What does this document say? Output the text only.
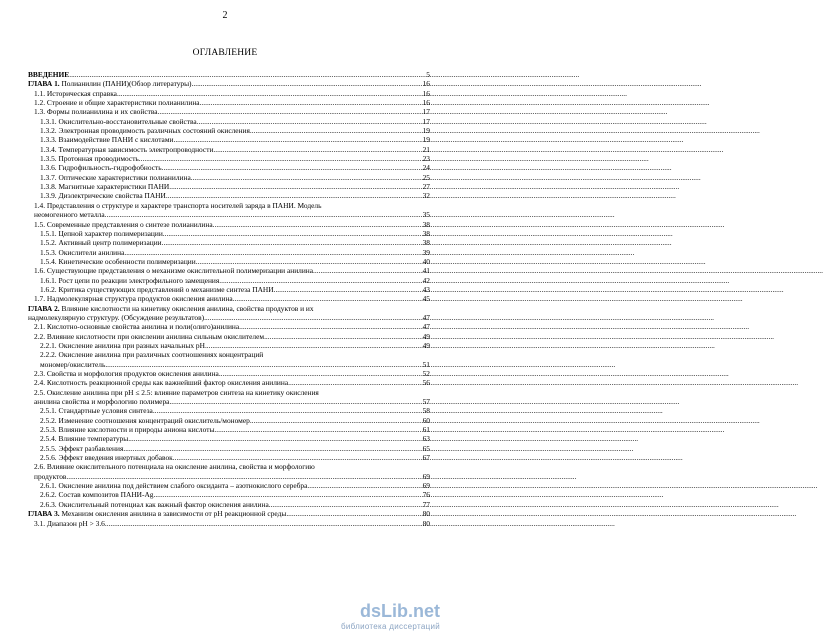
2
ОГЛАВЛЕНИЕ
ВВЕДЕНИЕ .....	5
ГЛАВА 1. Полианилин (ПАНИ)(Обзор литературы) .....	16
1.1. Историческая справка .....	16
1.2. Строение и общие характеристики полианилина .....	16
1.3. Формы полианилина и их свойства .....	17
1.3.1. Окислительно-восстановительные свойства .....	17
1.3.2. Электронная проводимость различных состояний окисления .....	19
1.3.3. Взаимодействие ПАНИ с кислотами .....	19
1.3.4. Температурная зависимость электропроводности .....	21
1.3.5. Протонная проводимость .....	23
1.3.6. Гидрофильность-гидрофобность .....	24
1.3.7. Оптические характеристики полианилина .....	25
1.3.8. Магнитные характеристики ПАНИ .....	27
1.3.9. Диэлектрические свойства ПАНИ .....	32
1.4. Представления о структуре и характере транспорта носителей заряда в ПАНИ. Модель
неомогенного металла .....	35
1.5. Современные представления о синтезе полианилина. .....	38
1.5.1. Цепной характер полимеризации .....	38
1.5.2. Активный центр полимеризации .....	38
1.5.3. Окислители анилина .....	39
1.5.4. Кинетические особенности полимеризации .....	40
1.6. Существующие представления о механизме окислительной полимеризации анилина .....	41
1.6.1. Рост цепи по реакции электрофильного замещения .....	42
1.6.2. Критика существующих представлений о механизме синтеза ПАНИ .....	43
1.7. Надмолекулярная структура продуктов окисления анилина .....	45
ГЛАВА 2. Влияние кислотности на кинетику окисления анилина, свойства продуктов и их
надмолекулярную структуру. (Обсуждение результатов) .....	47
2.1. Кислотно-основные свойства анилина и поли(олиго)анилина .....	47
2.2. Влияние кислотности при окислении анилина сильным окислителем .....	49
2.2.1. Окисление анилина при разных начальных pH .....	49
2.2.2. Окисление анилина при различных соотношениях концентраций
мономер/окислитель .....	51
2.3. Свойства и морфология продуктов окисления анилина .....	52
2.4. Кислотность реакционной среды как важнейший фактор окисления анилина .....	56
2.5. Окисление анилина при pH ≤ 2.5: влияние параметров синтеза на кинетику окисления
анилина свойства и морфологию полимера .....	57
2.5.1. Стандартные условия синтеза .....	58
2.5.2. Изменение соотношения концентраций окислитель/мономер .....	60
2.5.3. Влияние кислотности и природы аниона кислоты .....	61
2.5.4. Влияние температуры .....	63
2.5.5. Эффект разбавления .....	65
2.5.6. Эффект введения инертных добавок .....	67
2.6. Влияние окислительного потенциала на окисление анилина, свойства и морфологию
продуктов .....	69
2.6.1. Окисление анилина под действием слабого оксиданта – азотнокислого серебра .....	69
2.6.2. Состав композитов ПАНИ-Ag .....	76
2.6.3. Окислительный потенциал как важный фактор окисления анилина .....	77
ГЛАВА 3. Механизм окисления анилина в зависимости от pH реакционной среды .....	80
3.1. Диапазон pH > 3.6 .....	80
dsLib.net
библиотека диссертаций
